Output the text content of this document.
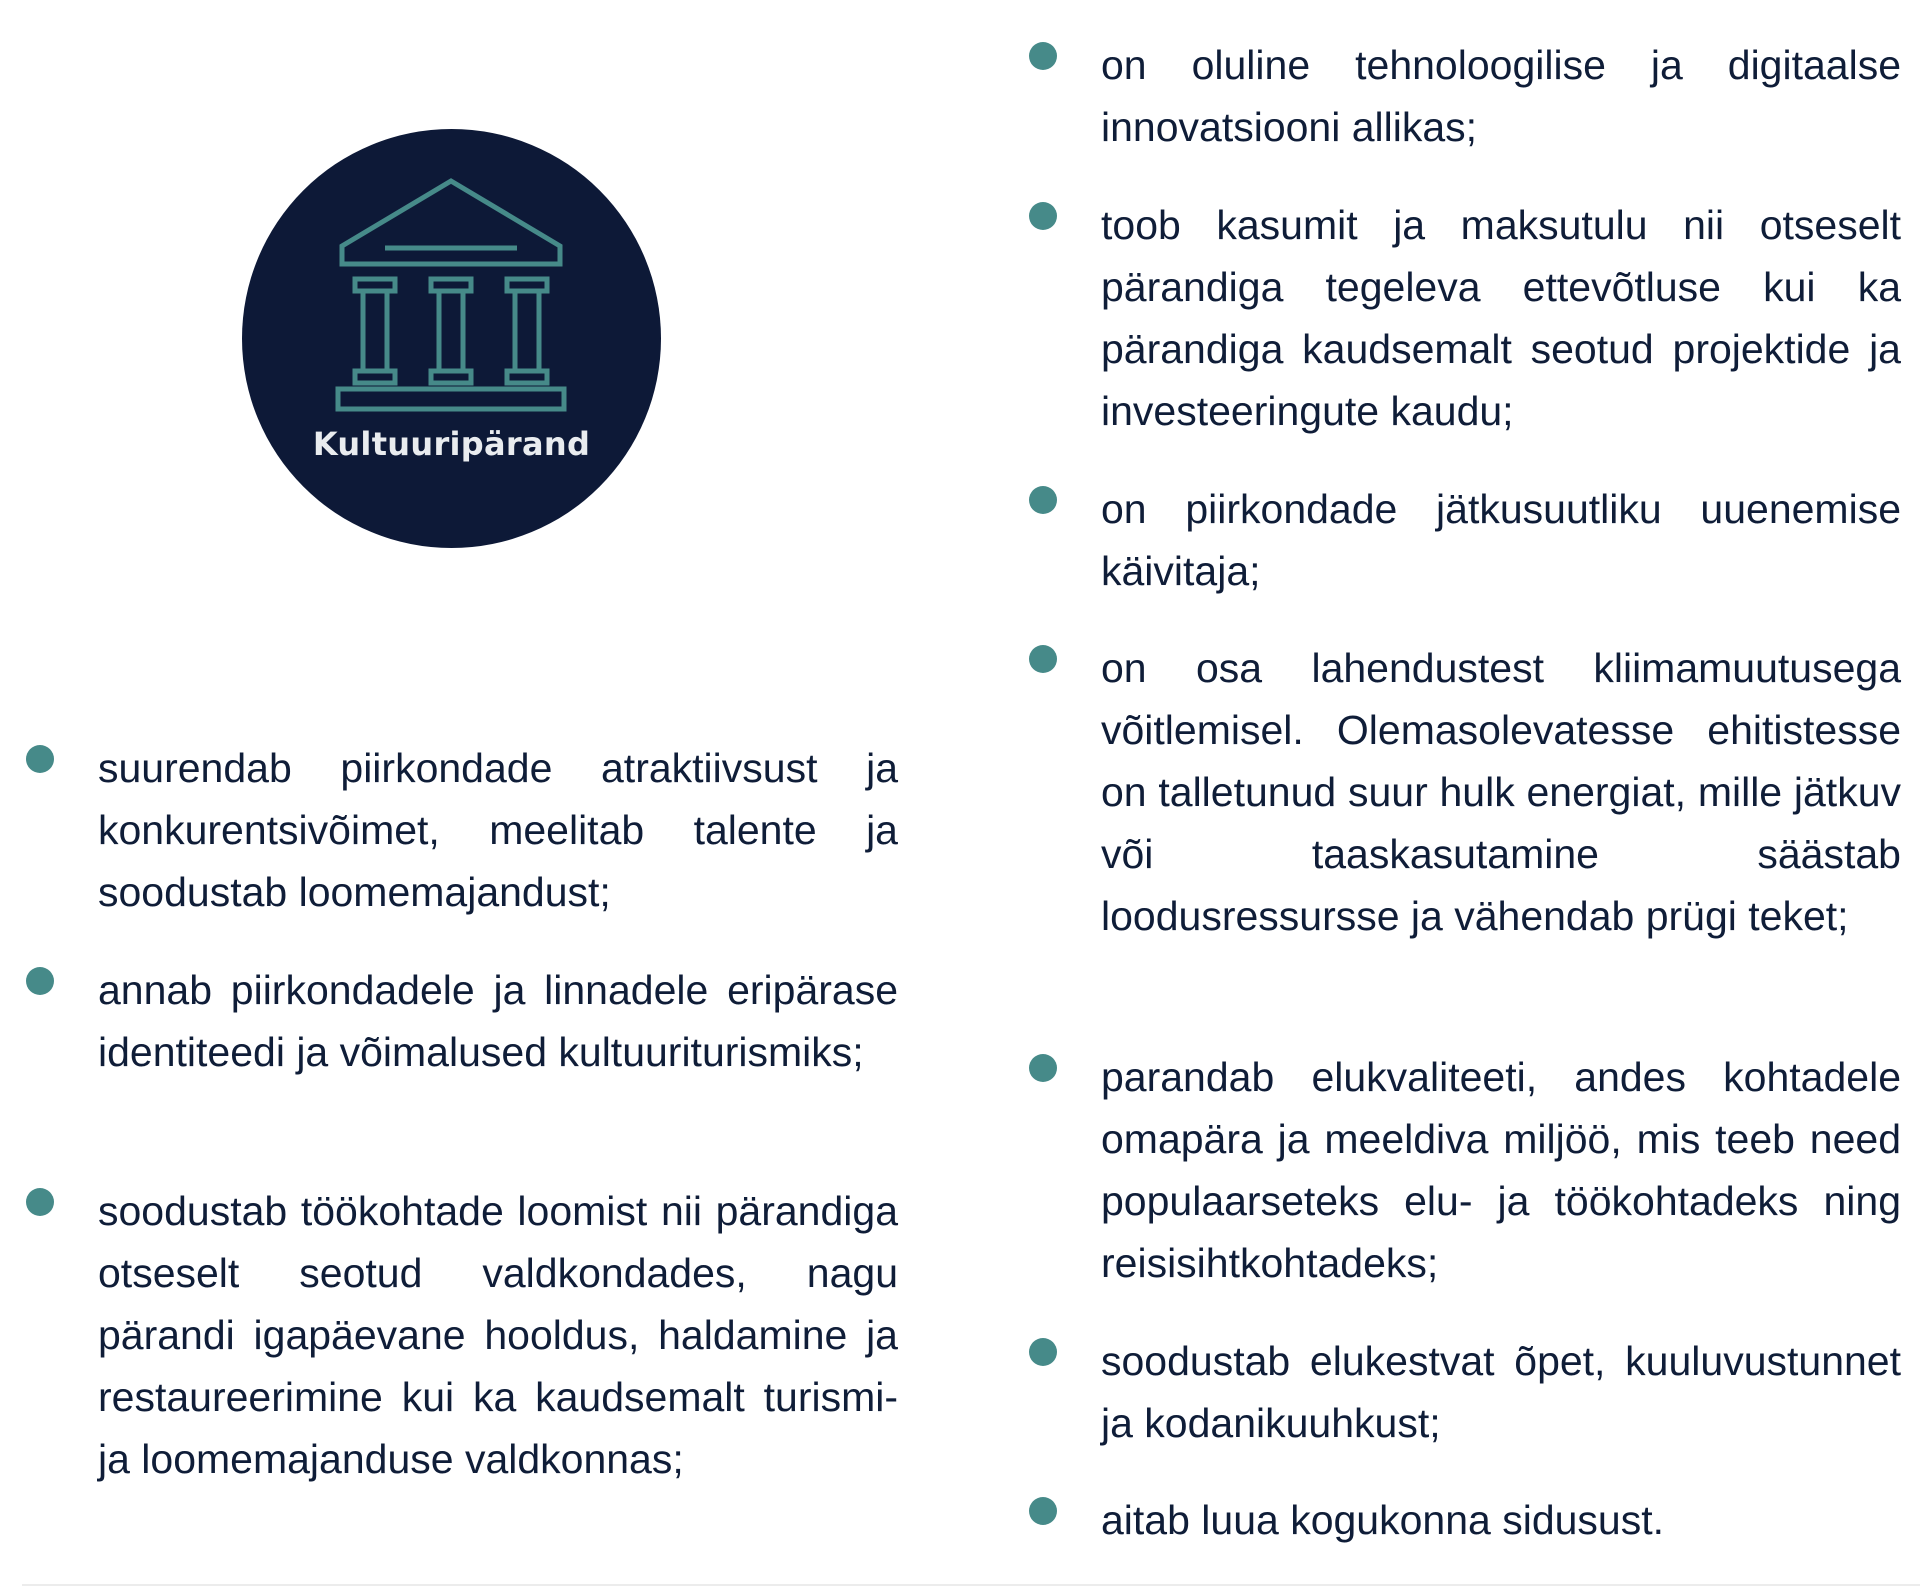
Kultuuripärand
suurendab piirkondade atraktiivsust ja konkurentsivõimet, meelitab talente ja soodustab loomemajandust;
annab piirkondadele ja linnadele eripärase identiteedi ja võimalused kultuuriturismiks;
soodustab töökohtade loomist nii pärandiga otseselt seotud valdkondades, nagu pärandi igapäevane hooldus, haldamine ja restaureerimine kui ka kaudsemalt turismi- ja loomemajanduse valdkonnas;
on oluline tehnoloogilise ja digitaalse innovatsiooni allikas;
toob kasumit ja maksutulu nii otseselt pärandiga tegeleva ettevõtluse kui ka pärandiga kaudsemalt seotud projektide ja investeeringute kaudu;
on piirkondade jätkusuutliku uuenemise käivitaja;
on osa lahendustest kliimamuutusega võitlemisel. Olemasolevatesse ehitistesse on talletunud suur hulk energiat, mille jätkuv või taaskasutamine säästab loodusressursse ja vähendab prügi teket;
parandab elukvaliteeti, andes kohtadele omapära ja meeldiva miljöö, mis teeb need populaarseteks elu- ja töökohtadeks ning reisisihtkohtadeks;
soodustab elukestvat õpet, kuuluvustunnet ja kodanikuuhkust;
aitab luua kogukonna sidusust.
